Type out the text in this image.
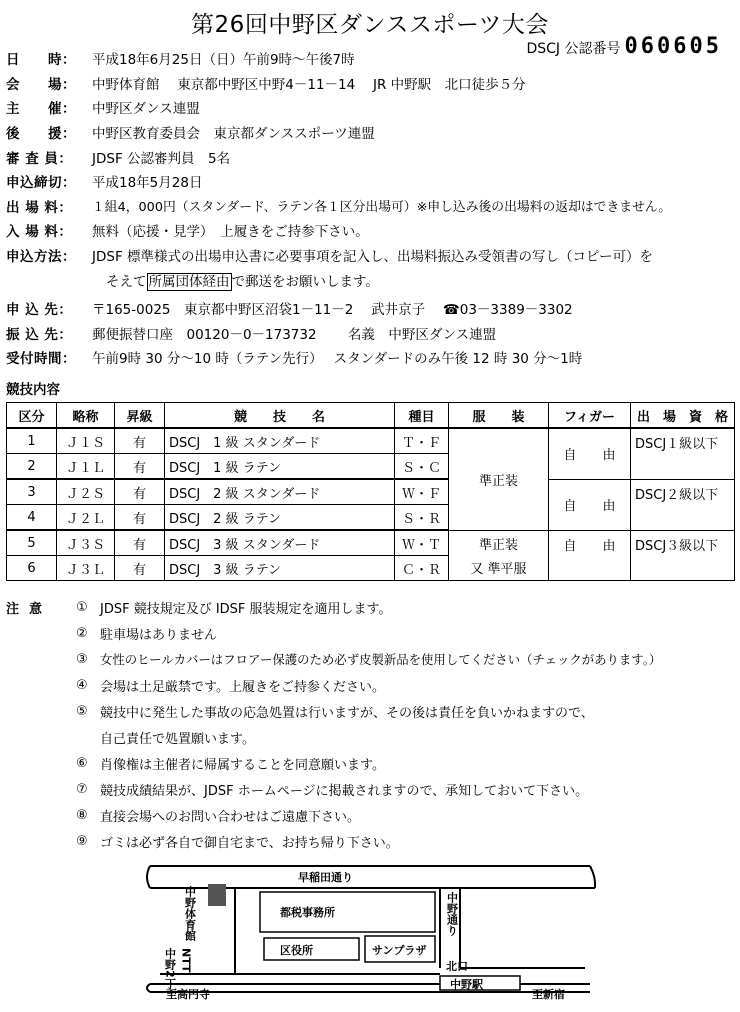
第26回中野区ダンススポーツ大会
DSCJ 公認番号 060605
日　　時：	平成18年6月25日（日）午前9時～午後7時
会　　場：	中野体育館　 東京都中野区中野4－11－14　 JR 中野駅　北口徒歩５分
主　　催：	中野区ダンス連盟
後　　援：	中野区教育委員会　東京都ダンススポーツ連盟
審 査 員：	JDSF 公認審判員　5名
申込締切：	平成18年5月28日
出 場 料：	１組4，000円（スタンダード、ラテン各１区分出場可）※申し込み後の出場料の返却はできません。
入 場 料：	無料（応援・見学）　上履きをご持参下さい。
申込方法：	JDSF 標準様式の出場申込書に必要事項を記入し、出場料振込み受領書の写し（コピー可）を
そえて 所属団体経由 で郵送をお願いします。
申 込 先：	〒165-0025　東京都中野区沼袋1－11－2　 武井京子　 ☎03－3389－3302
振 込 先：	郵便振替口座　00120－0－173732　　 名義　中野区ダンス連盟
受付時間：	午前9時 30 分～10 時（ラテン先行）　 スタンダードのみ午後 12 時 30 分～1時
競技内容
区分	略称	昇級	競　　技　　名	種目	服　　装	フィガー	出　場　資　格
1	Ｊ１Ｓ	有	DSCJ　1 級 スタンダード	Ｔ・Ｆ	準正装	自　　由	DSCJ１級以下
2	Ｊ１Ｌ	有	DSCJ　1 級 ラテン	Ｓ・Ｃ			
3	Ｊ２Ｓ	有	DSCJ　2 級 スタンダード	Ｗ・Ｆ		自　　由	DSCJ２級以下
4	Ｊ２Ｌ	有	DSCJ　2 級 ラテン	Ｓ・Ｒ			
5	Ｊ３Ｓ	有	DSCJ　3 級 スタンダード	Ｗ・Ｔ	準正装	自　　由	DSCJ３級以下
6	Ｊ３Ｌ	有	DSCJ　3 級 ラテン	Ｃ・Ｒ	又 準平服		
注意	① JDSF 競技規定及び IDSF 服装規定を適用します。
② 駐車場はありません
③ 女性のヒールカバーはフロアー保護のため必ず皮製新品を使用してください（チェックがあります。）
④ 会場は土足厳禁です。上履きをご持参ください。
⑤ 競技中に発生した事故の応急処置は行いますが、その後は責任を負いかねますので、
自己責任で処置願います。
⑥ 肖像権は主催者に帰属することを同意願います。
⑦ 競技成績結果が、JDSF ホームページに掲載されますので、承知しておいて下さい。
⑧ 直接会場へのお問い合わせはご遠慮下さい。
⑨ ゴミは必ず各自で御自宅まで、お持ち帰り下さい。
早稲田通り
都税事務所
区役所	サンプラザ
中野駅
北口
至高円寺	至新宿
中野体育館
NTT
中野2丁
中野通り
